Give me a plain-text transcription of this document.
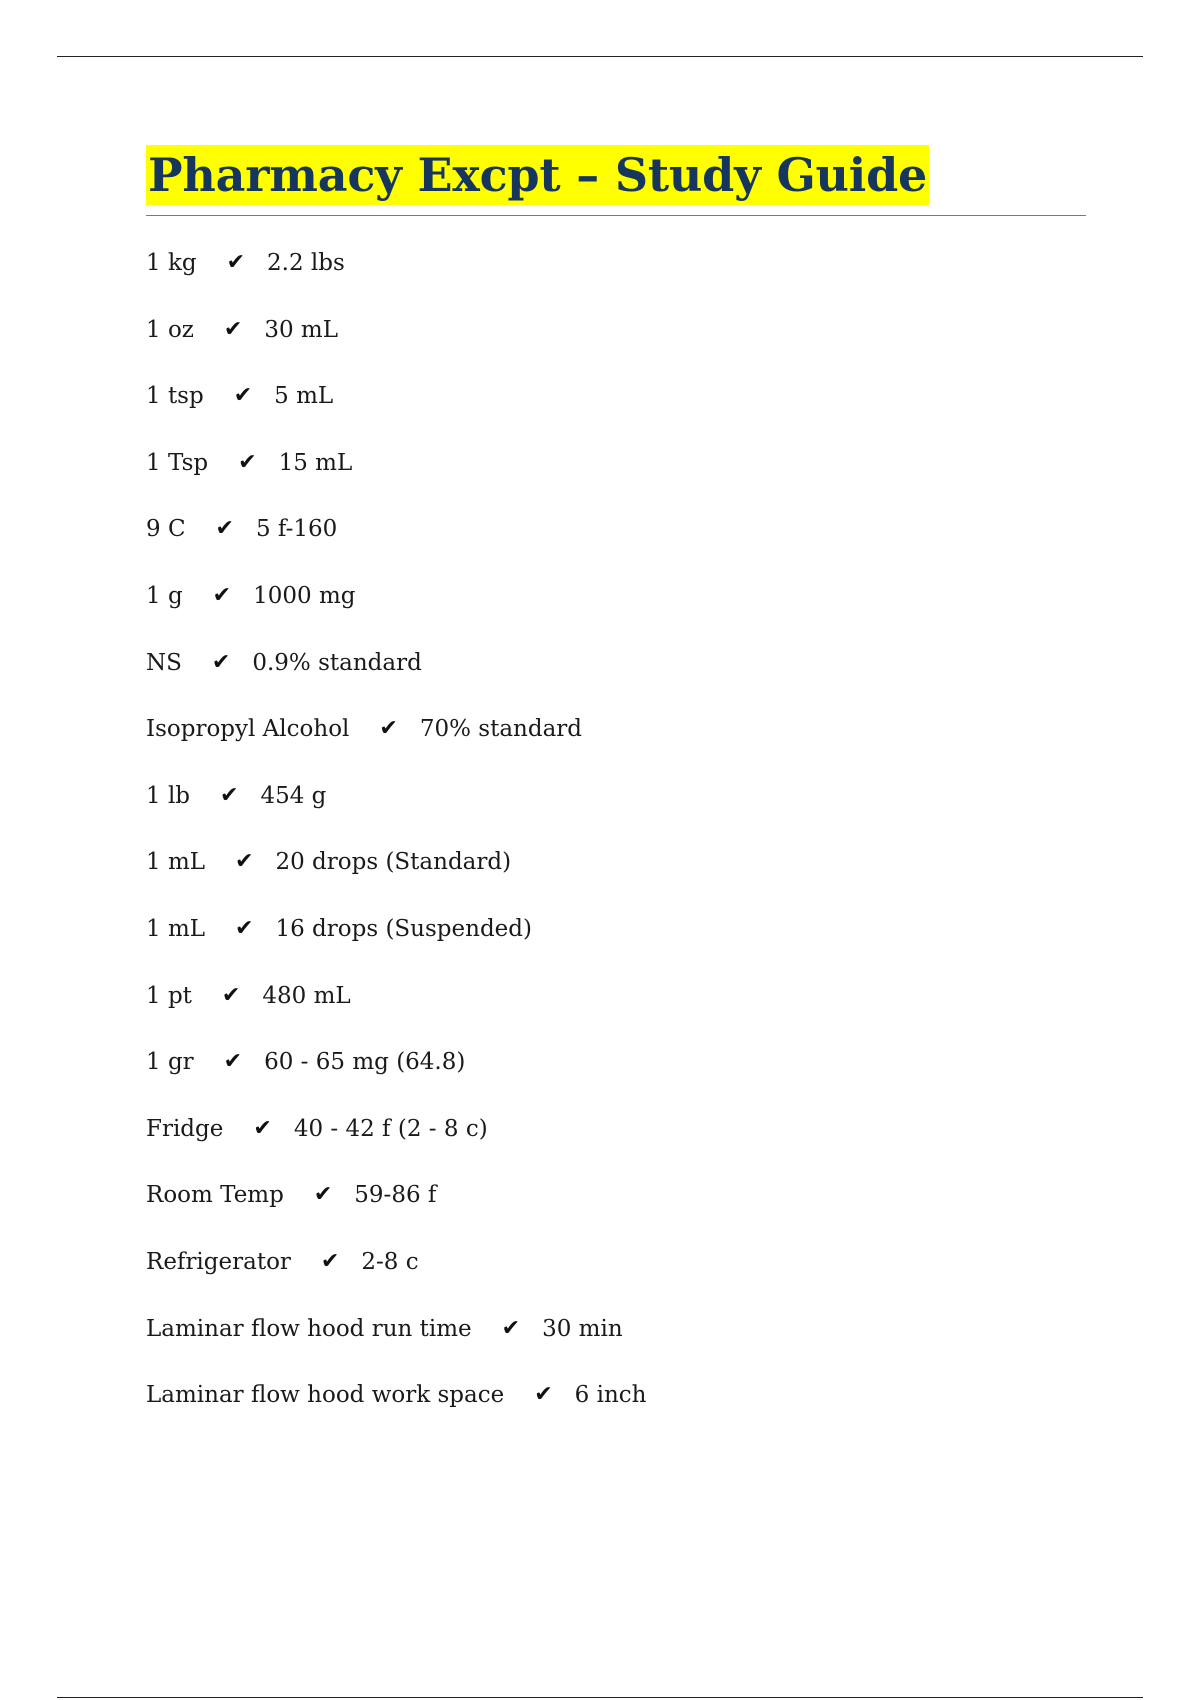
Pharmacy Excpt – Study Guide
1 kg ✔ 2.2 lbs
1 oz ✔ 30 mL
1 tsp ✔ 5 mL
1 Tsp ✔ 15 mL
9 C ✔ 5 f-160
1 g ✔ 1000 mg
NS ✔ 0.9% standard
Isopropyl Alcohol ✔ 70% standard
1 lb ✔ 454 g
1 mL ✔ 20 drops (Standard)
1 mL ✔ 16 drops (Suspended)
1 pt ✔ 480 mL
1 gr ✔ 60 - 65 mg (64.8)
Fridge ✔ 40 - 42 f (2 - 8 c)
Room Temp ✔ 59-86 f
Refrigerator ✔ 2-8 c
Laminar flow hood run time ✔ 30 min
Laminar flow hood work space ✔ 6 inch
